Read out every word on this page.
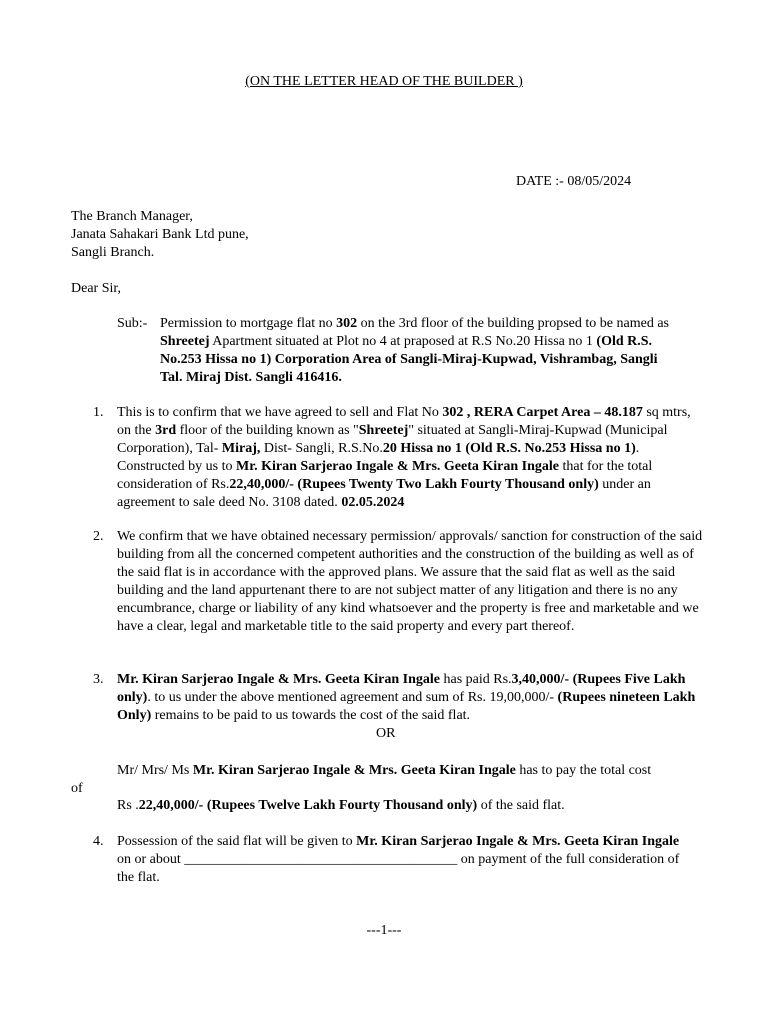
(ON THE LETTER HEAD OF THE BUILDER )
DATE :- 08/05/2024
The Branch Manager,
Janata Sahakari Bank Ltd pune,
Sangli Branch.
Dear Sir,
Sub:- Permission to mortgage flat no 302 on the 3rd floor of the building propsed to be named as Shreetej Apartment situated at Plot no 4 at praposed at R.S No.20 Hissa no 1 (Old R.S. No.253 Hissa no 1) Corporation Area of Sangli-Miraj-Kupwad, Vishrambag, Sangli Tal. Miraj Dist. Sangli 416416.
1. This is to confirm that we have agreed to sell and Flat No 302 , RERA Carpet Area – 48.187 sq mtrs, on the 3rd floor of the building known as "Shreetej" situated at Sangli-Miraj-Kupwad (Municipal Corporation), Tal- Miraj, Dist- Sangli, R.S.No.20 Hissa no 1 (Old R.S. No.253 Hissa no 1). Constructed by us to Mr. Kiran Sarjerao Ingale & Mrs. Geeta Kiran Ingale that for the total consideration of Rs.22,40,000/- (Rupees Twenty Two Lakh Fourty Thousand only) under an agreement to sale deed No. 3108 dated. 02.05.2024
2. We confirm that we have obtained necessary permission/ approvals/ sanction for construction of the said building from all the concerned competent authorities and the construction of the building as well as of the said flat is in accordance with the approved plans. We assure that the said flat as well as the said building and the land appurtenant there to are not subject matter of any litigation and there is no any encumbrance, charge or liability of any kind whatsoever and the property is free and marketable and we have a clear, legal and marketable title to the said property and every part thereof.
3. Mr. Kiran Sarjerao Ingale & Mrs. Geeta Kiran Ingale has paid Rs.3,40,000/- (Rupees Five Lakh only). to us under the above mentioned agreement and sum of Rs. 19,00,000/- (Rupees nineteen Lakh Only) remains to be paid to us towards the cost of the said flat.
OR
Mr/ Mrs/ Ms Mr. Kiran Sarjerao Ingale & Mrs. Geeta Kiran Ingale has to pay the total cost
of
Rs .22,40,000/- (Rupees Twelve Lakh Fourty Thousand only) of the said flat.
4. Possession of the said flat will be given to Mr. Kiran Sarjerao Ingale & Mrs. Geeta Kiran Ingale on or about _______________________________________ on payment of the full consideration of the flat.
---1---
